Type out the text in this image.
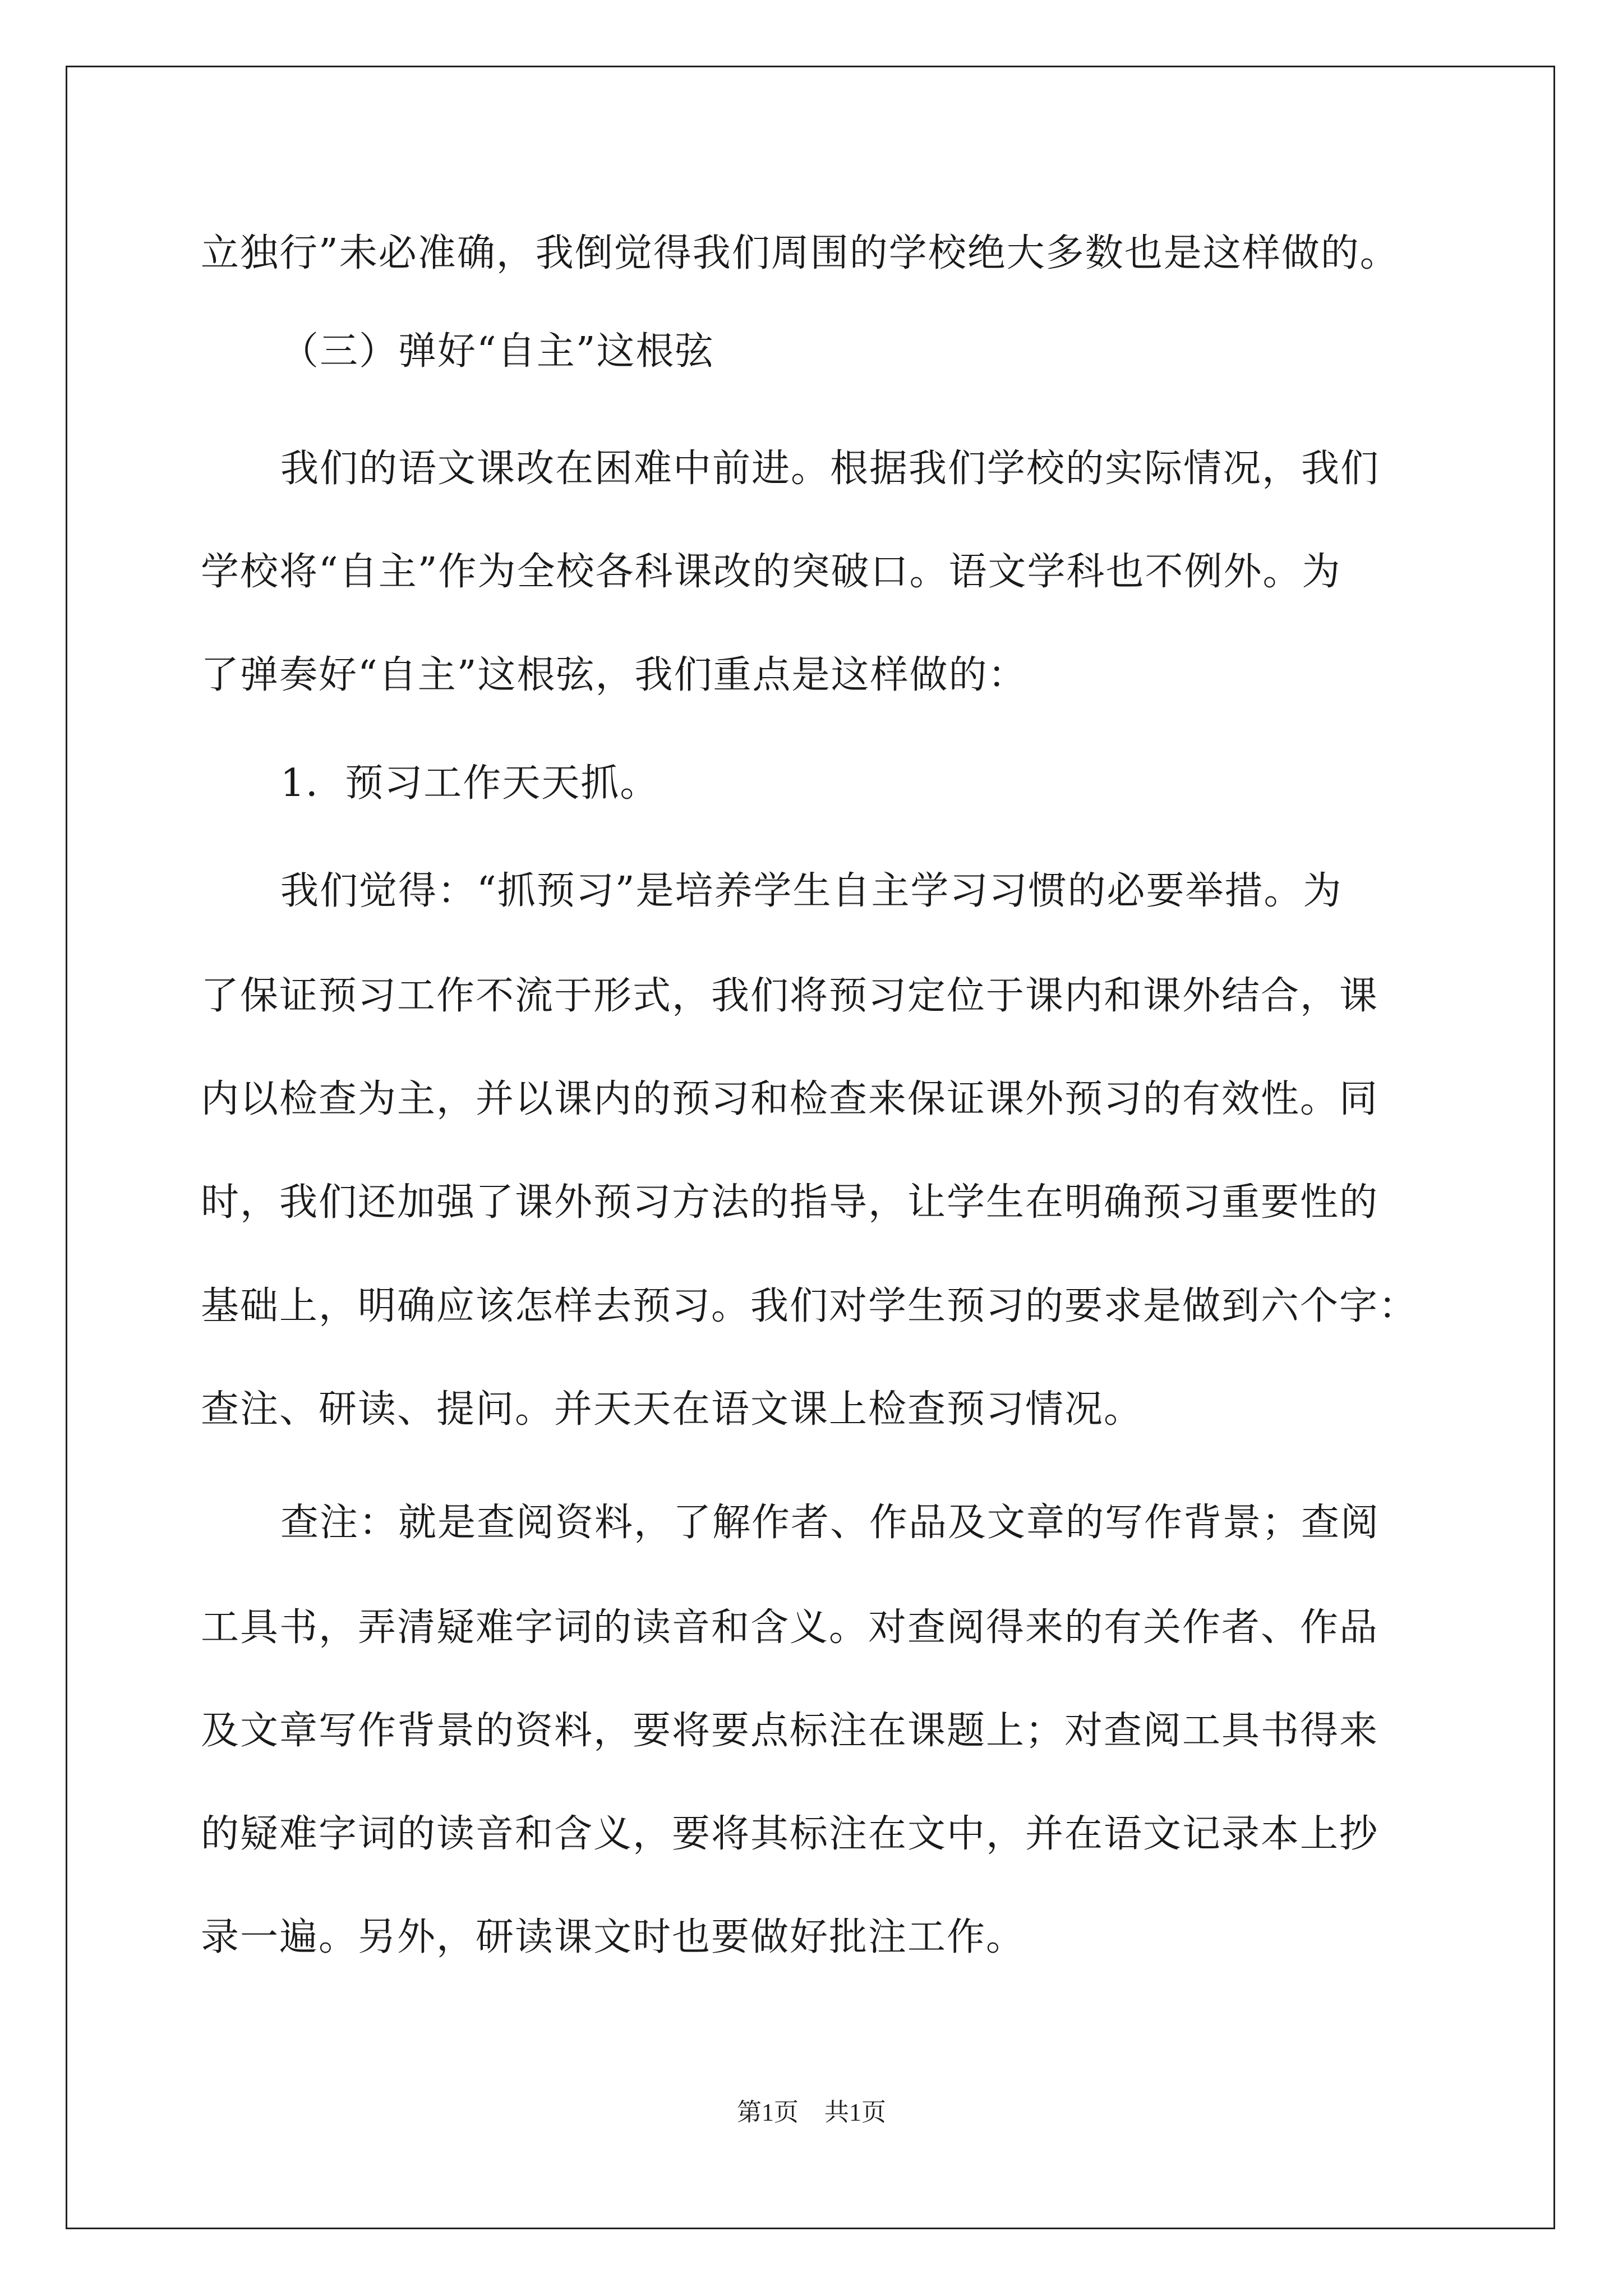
立独行”未必准确，我倒觉得我们周围的学校绝大多数也是这样做的。
（三）弹好“自主”这根弦
我们的语文课改在困难中前进。根据我们学校的实际情况，我们
学校将“自主”作为全校各科课改的突破口。语文学科也不例外。为
了弹奏好“自主”这根弦，我们重点是这样做的：
1．预习工作天天抓。
我们觉得：“抓预习”是培养学生自主学习习惯的必要举措。为
了保证预习工作不流于形式，我们将预习定位于课内和课外结合，课
内以检查为主，并以课内的预习和检查来保证课外预习的有效性。同
时，我们还加强了课外预习方法的指导，让学生在明确预习重要性的
基础上，明确应该怎样去预习。我们对学生预习的要求是做到六个字：
查注、研读、提问。并天天在语文课上检查预习情况。
查注：就是查阅资料，了解作者、作品及文章的写作背景；查阅
工具书，弄清疑难字词的读音和含义。对查阅得来的有关作者、作品
及文章写作背景的资料，要将要点标注在课题上；对查阅工具书得来
的疑难字词的读音和含义，要将其标注在文中，并在语文记录本上抄
录一遍。另外，研读课文时也要做好批注工作。
第1页 共1页
